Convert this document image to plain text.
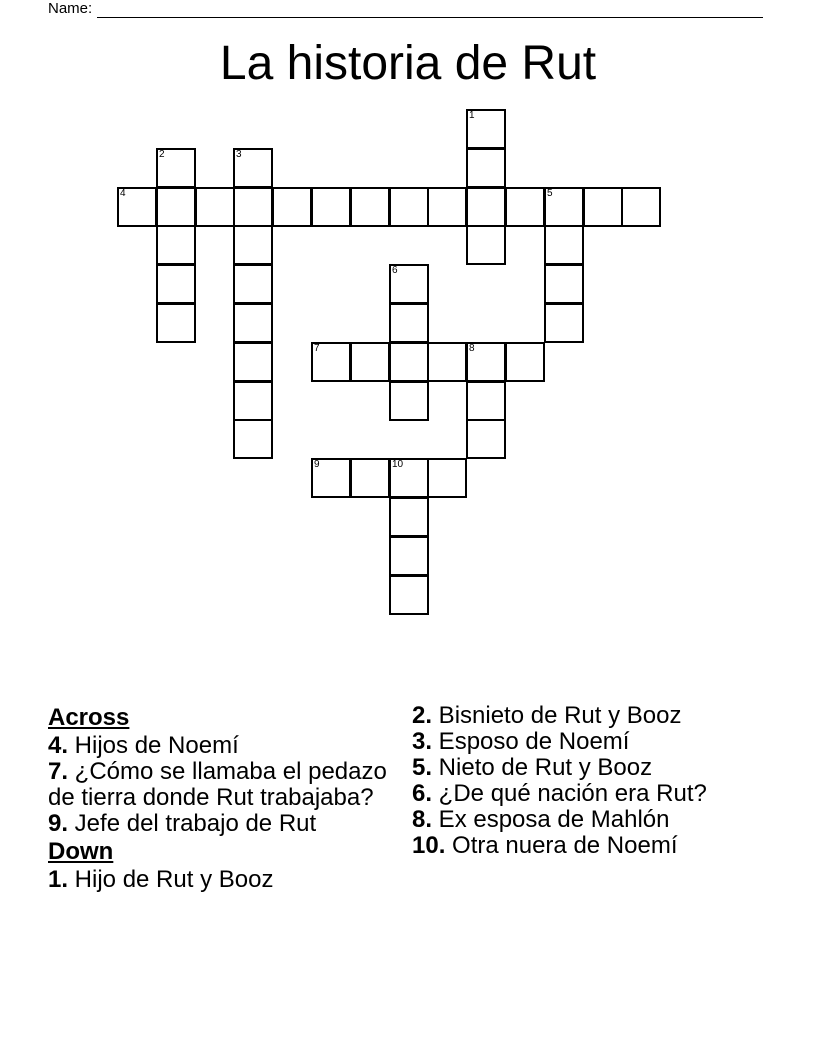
Name:
La historia de Rut
1
2	3
4	5
6
7	8
9	10
Across
4. Hijos de Noemí
7. ¿Cómo se llamaba el pedazo de tierra donde Rut trabajaba?
9. Jefe del trabajo de Rut
Down
1. Hijo de Rut y Booz
2. Bisnieto de Rut y Booz
3. Esposo de Noemí
5. Nieto de Rut y Booz
6. ¿De qué nación era Rut?
8. Ex esposa de Mahlón
10. Otra nuera de Noemí
